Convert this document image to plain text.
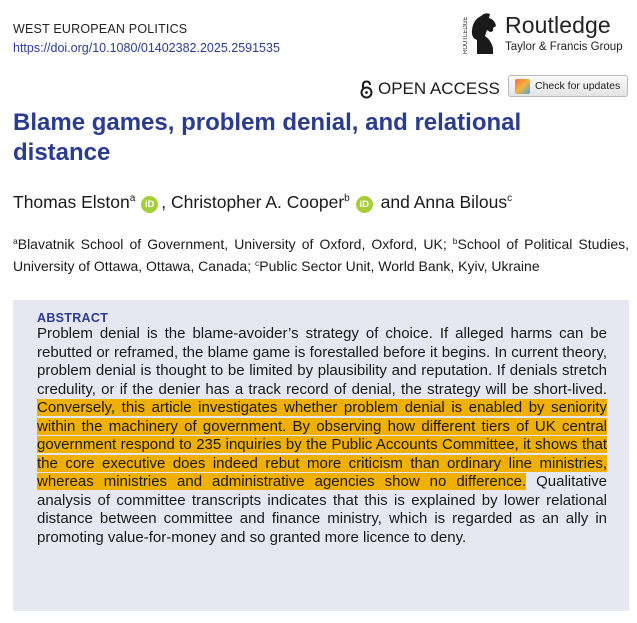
WEST EUROPEAN POLITICS
https://doi.org/10.1080/01402382.2025.2591535	ROUTLEDGE Routledge
Taylor & Francis Group
OPEN ACCESS	Check for updates
Blame games, problem denial, and relational distance
Thomas Elston$^a$iD , Christopher A. Cooper$^b$iD and Anna Bilous$^c$
$^a$Blavatnik School of Government, University of Oxford, Oxford, UK; $^b$School of Political Studies, University of Ottawa, Ottawa, Canada; $^c$Public Sector Unit, World Bank, Kyiv, Ukraine
ABSTRACT

Problem denial is the blame-avoider’s strategy of choice. If alleged harms can be rebutted or reframed, the blame game is forestalled before it begins. In current theory, problem denial is thought to be limited by plausibility and reputation. If denials stretch credulity, or if the denier has a track record of denial, the strategy will be short-lived. Conversely, this article investigates whether problem denial is enabled by seniority within the machinery of government. By observing how different tiers of UK central government respond to 235 inquiries by the Public Accounts Committee, it shows that the core executive does indeed rebut more criticism than ordinary line ministries, whereas ministries and administrative agencies show no difference. Qualitative analysis of committee transcripts indicates that this is explained by lower relational distance between committee and finance ministry, which is regarded as an ally in promoting value-for-money and so granted more licence to deny.
